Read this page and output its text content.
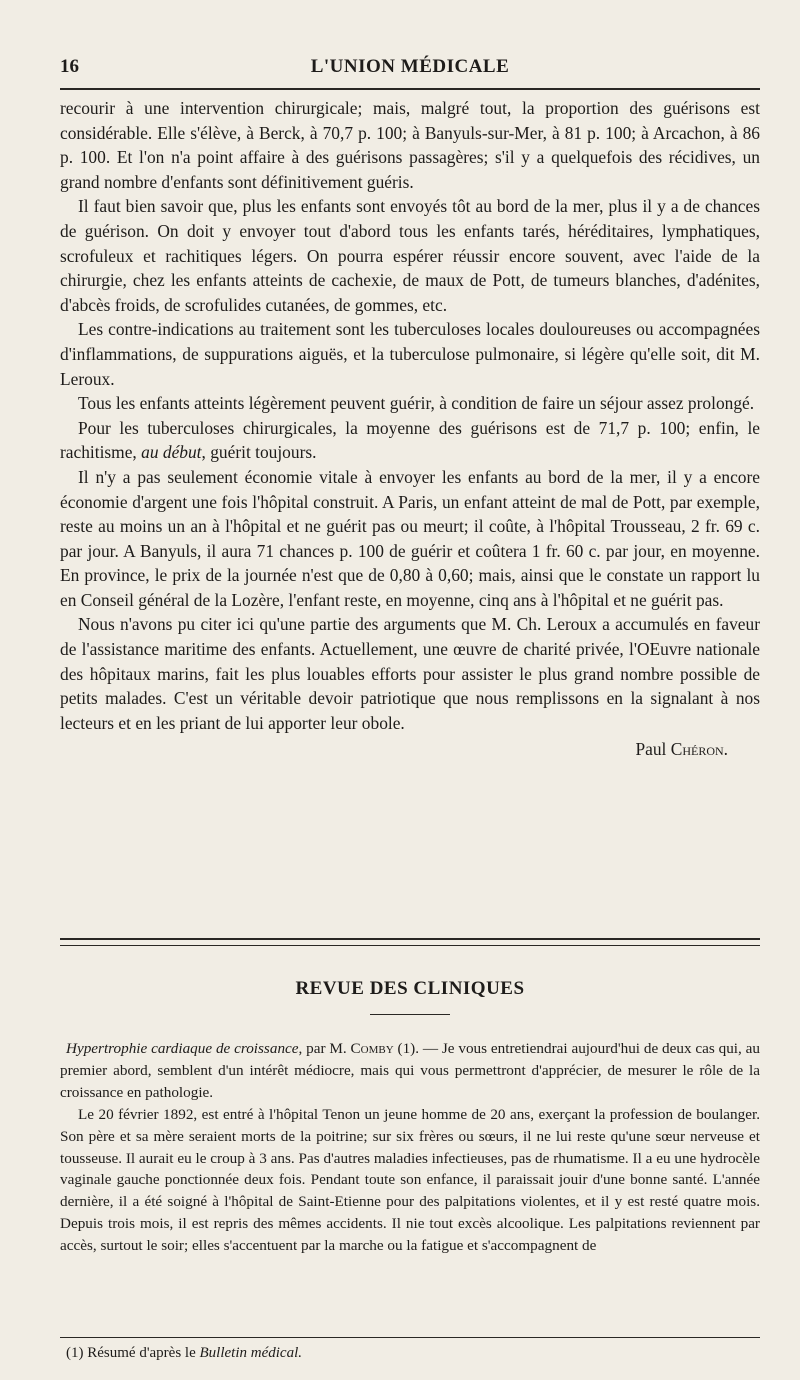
16	L'UNION MÉDICALE

recourir à une intervention chirurgicale; mais, malgré tout, la proportion des guérisons est considérable. Elle s'élève, à Berck, à 70,7 p. 100; à Banyuls-sur-Mer, à 81 p. 100; à Arcachon, à 86 p. 100. Et l'on n'a point affaire à des guérisons passagères; s'il y a quelquefois des récidives, un grand nombre d'enfants sont définitivement guéris.

Il faut bien savoir que, plus les enfants sont envoyés tôt au bord de la mer, plus il y a de chances de guérison. On doit y envoyer tout d'abord tous les enfants tarés, héréditaires, lymphatiques, scrofuleux et rachitiques légers. On pourra espérer réussir encore souvent, avec l'aide de la chirurgie, chez les enfants atteints de cachexie, de maux de Pott, de tumeurs blanches, d'adénites, d'abcès froids, de scrofulides cutanées, de gommes, etc.

Les contre-indications au traitement sont les tuberculoses locales douloureuses ou accompagnées d'inflammations, de suppurations aiguës, et la tuberculose pulmonaire, si légère qu'elle soit, dit M. Leroux.

Tous les enfants atteints légèrement peuvent guérir, à condition de faire un séjour assez prolongé.

Pour les tuberculoses chirurgicales, la moyenne des guérisons est de 71,7 p. 100; enfin, le rachitisme, au début, guérit toujours.

Il n'y a pas seulement économie vitale à envoyer les enfants au bord de la mer, il y a encore économie d'argent une fois l'hôpital construit. A Paris, un enfant atteint de mal de Pott, par exemple, reste au moins un an à l'hôpital et ne guérit pas ou meurt; il coûte, à l'hôpital Trousseau, 2 fr. 69 c. par jour. A Banyuls, il aura 71 chances p. 100 de guérir et coûtera 1 fr. 60 c. par jour, en moyenne. En province, le prix de la journée n'est que de 0,80 à 0,60; mais, ainsi que le constate un rapport lu en Conseil général de la Lozère, l'enfant reste, en moyenne, cinq ans à l'hôpital et ne guérit pas.

Nous n'avons pu citer ici qu'une partie des arguments que M. Ch. Leroux a accumulés en faveur de l'assistance maritime des enfants. Actuellement, une œuvre de charité privée, l'OEuvre nationale des hôpitaux marins, fait les plus louables efforts pour assister le plus grand nombre possible de petits malades. C'est un véritable devoir patriotique que nous remplissons en la signalant à nos lecteurs et en les priant de lui apporter leur obole.

Paul Chéron.
REVUE DES CLINIQUES

Hypertrophie cardiaque de croissance, par M. Comby (1). — Je vous entretiendrai aujourd'hui de deux cas qui, au premier abord, semblent d'un intérêt médiocre, mais qui vous permettront d'apprécier, de mesurer le rôle de la croissance en pathologie.

Le 20 février 1892, est entré à l'hôpital Tenon un jeune homme de 20 ans, exerçant la profession de boulanger. Son père et sa mère seraient morts de la poitrine; sur six frères ou sœurs, il ne lui reste qu'une sœur nerveuse et tousseuse. Il aurait eu le croup à 3 ans. Pas d'autres maladies infectieuses, pas de rhumatisme. Il a eu une hydrocèle vaginale gauche ponctionnée deux fois. Pendant toute son enfance, il paraissait jouir d'une bonne santé. L'année dernière, il a été soigné à l'hôpital de Saint-Etienne pour des palpitations violentes, et il y est resté quatre mois. Depuis trois mois, il est repris des mêmes accidents. Il nie tout excès alcoolique. Les palpitations reviennent par accès, surtout le soir; elles s'accentuent par la marche ou la fatigue et s'accompagnent de

(1) Résumé d'après le Bulletin médical.
